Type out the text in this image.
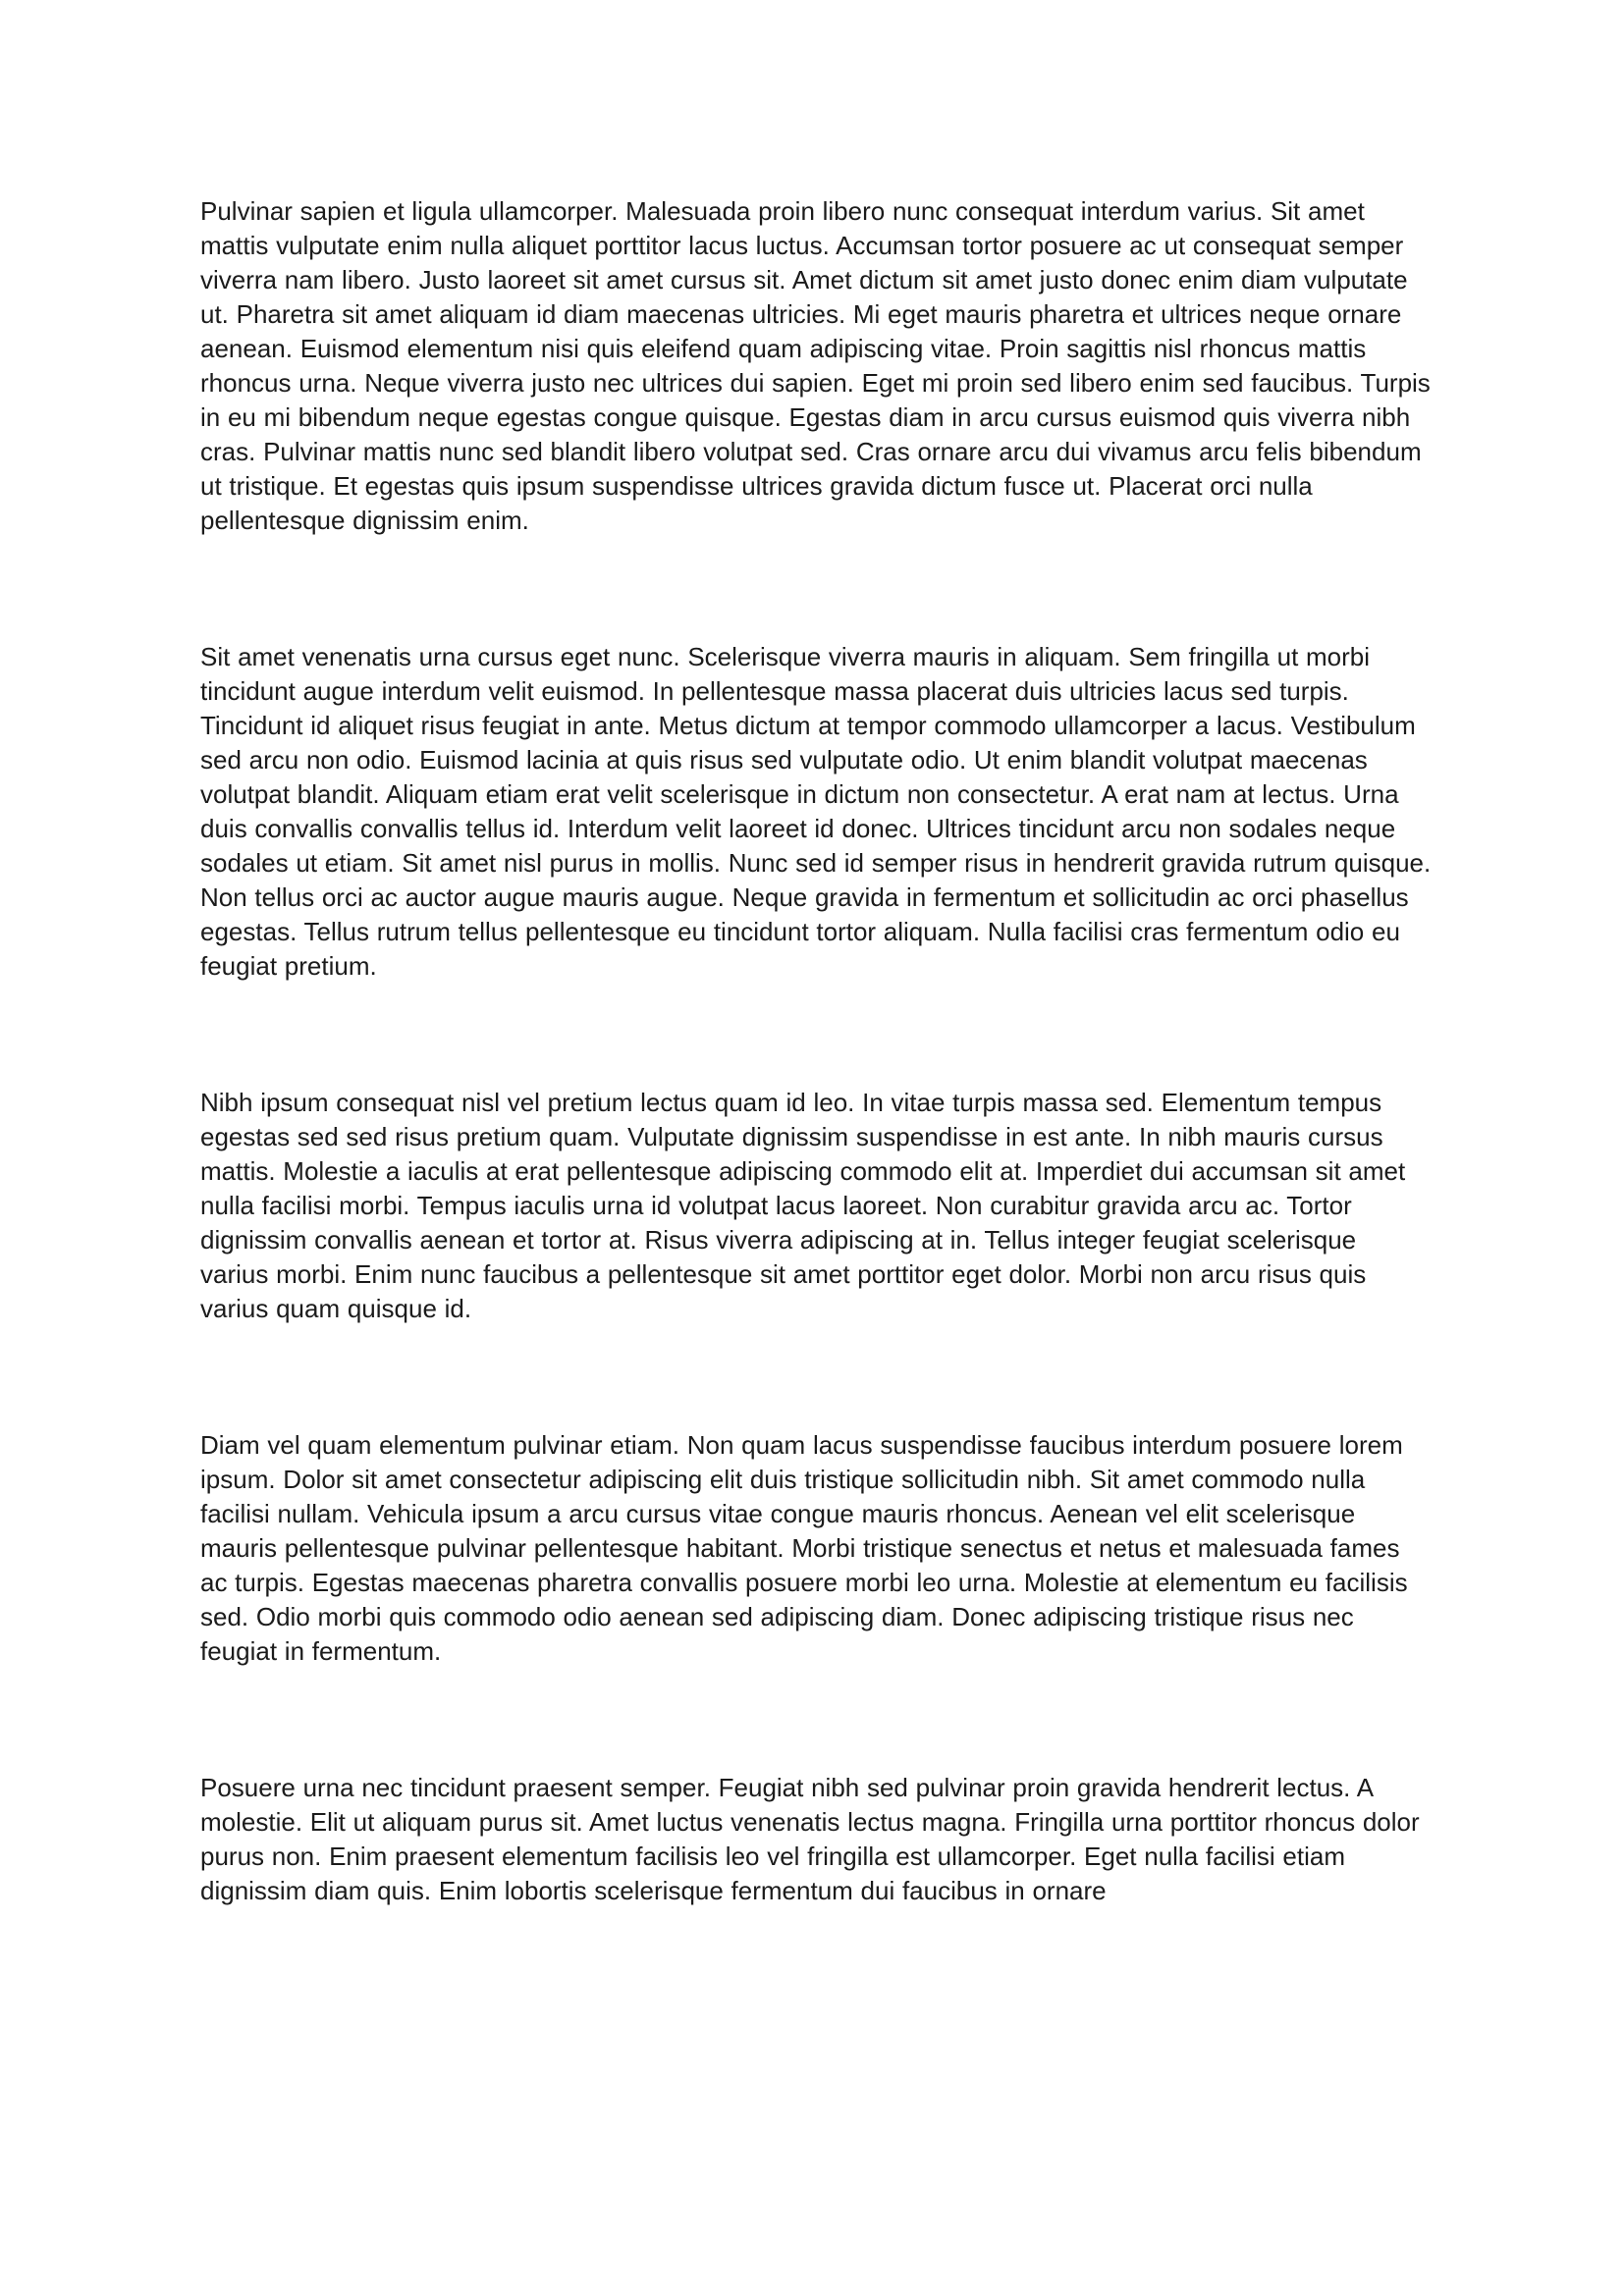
Pulvinar sapien et ligula ullamcorper. Malesuada proin libero nunc consequat interdum varius. Sit amet mattis vulputate enim nulla aliquet porttitor lacus luctus. Accumsan tortor posuere ac ut consequat semper viverra nam libero. Justo laoreet sit amet cursus sit. Amet dictum sit amet justo donec enim diam vulputate ut. Pharetra sit amet aliquam id diam maecenas ultricies. Mi eget mauris pharetra et ultrices neque ornare aenean. Euismod elementum nisi quis eleifend quam adipiscing vitae. Proin sagittis nisl rhoncus mattis rhoncus urna. Neque viverra justo nec ultrices dui sapien. Eget mi proin sed libero enim sed faucibus. Turpis in eu mi bibendum neque egestas congue quisque. Egestas diam in arcu cursus euismod quis viverra nibh cras. Pulvinar mattis nunc sed blandit libero volutpat sed. Cras ornare arcu dui vivamus arcu felis bibendum ut tristique. Et egestas quis ipsum suspendisse ultrices gravida dictum fusce ut. Placerat orci nulla pellentesque dignissim enim.

Sit amet venenatis urna cursus eget nunc. Scelerisque viverra mauris in aliquam. Sem fringilla ut morbi tincidunt augue interdum velit euismod. In pellentesque massa placerat duis ultricies lacus sed turpis. Tincidunt id aliquet risus feugiat in ante. Metus dictum at tempor commodo ullamcorper a lacus. Vestibulum sed arcu non odio. Euismod lacinia at quis risus sed vulputate odio. Ut enim blandit volutpat maecenas volutpat blandit. Aliquam etiam erat velit scelerisque in dictum non consectetur. A erat nam at lectus. Urna duis convallis convallis tellus id. Interdum velit laoreet id donec. Ultrices tincidunt arcu non sodales neque sodales ut etiam. Sit amet nisl purus in mollis. Nunc sed id semper risus in hendrerit gravida rutrum quisque. Non tellus orci ac auctor augue mauris augue. Neque gravida in fermentum et sollicitudin ac orci phasellus egestas. Tellus rutrum tellus pellentesque eu tincidunt tortor aliquam. Nulla facilisi cras fermentum odio eu feugiat pretium.

Nibh ipsum consequat nisl vel pretium lectus quam id leo. In vitae turpis massa sed. Elementum tempus egestas sed sed risus pretium quam. Vulputate dignissim suspendisse in est ante. In nibh mauris cursus mattis. Molestie a iaculis at erat pellentesque adipiscing commodo elit at. Imperdiet dui accumsan sit amet nulla facilisi morbi. Tempus iaculis urna id volutpat lacus laoreet. Non curabitur gravida arcu ac. Tortor dignissim convallis aenean et tortor at. Risus viverra adipiscing at in. Tellus integer feugiat scelerisque varius morbi. Enim nunc faucibus a pellentesque sit amet porttitor eget dolor. Morbi non arcu risus quis varius quam quisque id.

Diam vel quam elementum pulvinar etiam. Non quam lacus suspendisse faucibus interdum posuere lorem ipsum. Dolor sit amet consectetur adipiscing elit duis tristique sollicitudin nibh. Sit amet commodo nulla facilisi nullam. Vehicula ipsum a arcu cursus vitae congue mauris rhoncus. Aenean vel elit scelerisque mauris pellentesque pulvinar pellentesque habitant. Morbi tristique senectus et netus et malesuada fames ac turpis. Egestas maecenas pharetra convallis posuere morbi leo urna. Molestie at elementum eu facilisis sed. Odio morbi quis commodo odio aenean sed adipiscing diam. Donec adipiscing tristique risus nec feugiat in fermentum.

Posuere urna nec tincidunt praesent semper. Feugiat nibh sed pulvinar proin gravida hendrerit lectus. A molestie. Elit ut aliquam purus sit. Amet luctus venenatis lectus magna. Fringilla urna porttitor rhoncus dolor purus non. Enim praesent elementum facilisis leo vel fringilla est ullamcorper. Eget nulla facilisi etiam dignissim diam quis. Enim lobortis scelerisque fermentum dui faucibus in ornare
